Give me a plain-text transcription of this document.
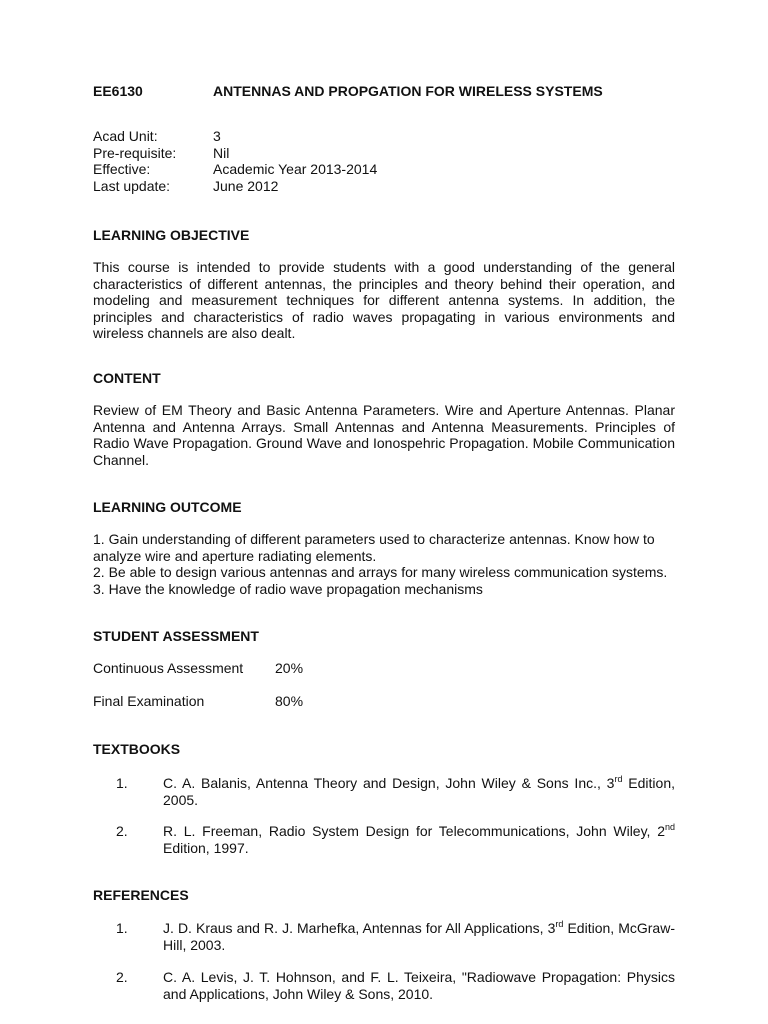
EE6130	ANTENNAS AND PROPGATION FOR WIRELESS SYSTEMS
Acad Unit:	3
Pre-requisite:	Nil
Effective:	Academic Year 2013-2014
Last update:	June 2012
LEARNING OBJECTIVE
This course is intended to provide students with a good understanding of the general characteristics of different antennas, the principles and theory behind their operation, and modeling and measurement techniques for different antenna systems. In addition, the principles and characteristics of radio waves propagating in various environments and wireless channels are also dealt.
CONTENT
Review of EM Theory and Basic Antenna Parameters. Wire and Aperture Antennas. Planar Antenna and Antenna Arrays. Small Antennas and Antenna Measurements. Principles of Radio Wave Propagation. Ground Wave and Ionospehric Propagation. Mobile Communication Channel.
LEARNING OUTCOME
1. Gain understanding of different parameters used to characterize antennas. Know how to analyze wire and aperture radiating elements.
2. Be able to design various antennas and arrays for many wireless communication systems.
3. Have the knowledge of radio wave propagation mechanisms
STUDENT ASSESSMENT
Continuous Assessment 20%
Final Examination	80%
TEXTBOOKS
1.	C. A. Balanis, Antenna Theory and Design, John Wiley & Sons Inc., 3rd Edition, 2005.
2.	R. L. Freeman, Radio System Design for Telecommunications, John Wiley, 2nd Edition, 1997.
REFERENCES
1.	J. D. Kraus and R. J. Marhefka, Antennas for All Applications, 3rd Edition, McGraw-Hill, 2003.
2.	C. A. Levis, J. T. Hohnson, and F. L. Teixeira, "Radiowave Propagation: Physics and Applications, John Wiley & Sons, 2010.
